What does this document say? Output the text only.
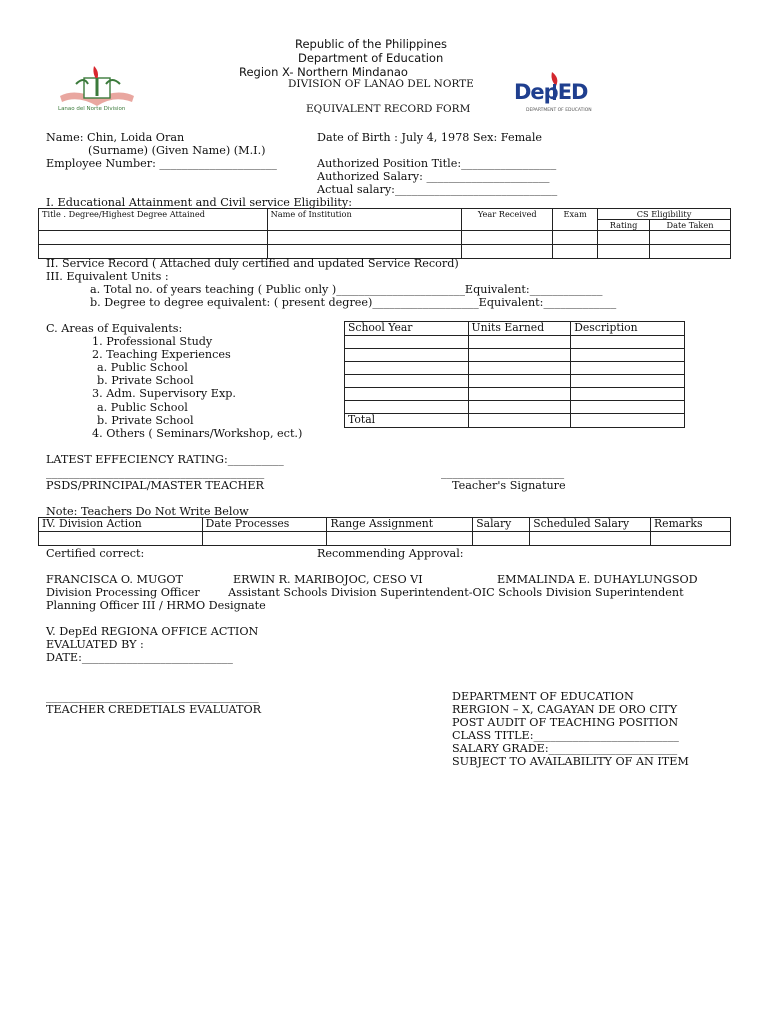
Republic of the Philippines
Department of Education
Region X- Northern Mindanao
DIVISION OF LANAO DEL NORTE
EQUIVALENT RECORD FORM
Lanao del Norte Division
DepED
DEPARTMENT OF EDUCATION
Name: Chin, Loida Oran
(Surname) (Given Name) (M.I.)
Employee Number: _____________________
Date of Birth : July 4, 1978 Sex: Female
Authorized Position Title:_________________
Authorized Salary: ______________________
Actual salary:_____________________________
I. Educational Attainment and Civil service Eligibility:
Title . Degree/Highest Degree Attained	Name of Institution	Year Received	Exam	CS Eligibility	
				Rating	Date Taken

II. Service Record ( Attached duly certified and updated Service Record)
III. Equivalent Units :
a. Total no. of years teaching ( Public only )_______________________Equivalent:_____________
b. Degree to degree equivalent: ( present degree)___________________Equivalent:_____________
C. Areas of Equivalents:
1. Professional Study
2. Teaching Experiences
a. Public School
b. Private School
3. Adm. Supervisory Exp.
a. Public School
b. Private School
4. Others ( Seminars/Workshop, ect.)
School Year	Units Earned	Description

Total		
LATEST EFFECIENCY RATING:__________
_______________________________________
PSDS/PRINCIPAL/MASTER TEACHER
______________________
Teacher's Signature
Note: Teachers Do Not Write Below
IV. Division Action	Date Processes	Range Assignment	Salary	Scheduled Salary	Remarks

Certified correct:	Recommending Approval:
FRANCISCA O. MUGOT	ERWIN R. MARIBOJOC, CESO VI	EMMALINDA E. DUHAYLUNGSOD
Division Processing Officer        Assistant Schools Division Superintendent-OIC Schools Division Superintendent
Planning Officer III / HRMO Designate
V. DepEd REGIONA OFFICE ACTION
EVALUATED BY :
DATE:___________________________
______________________________________
TEACHER CREDETIALS EVALUATOR
DEPARTMENT OF EDUCATION
RERGION – X, CAGAYAN DE ORO CITY
POST AUDIT OF TEACHING POSITION
CLASS TITLE:__________________________
SALARY GRADE:_______________________
SUBJECT TO AVAILABILITY OF AN ITEM
